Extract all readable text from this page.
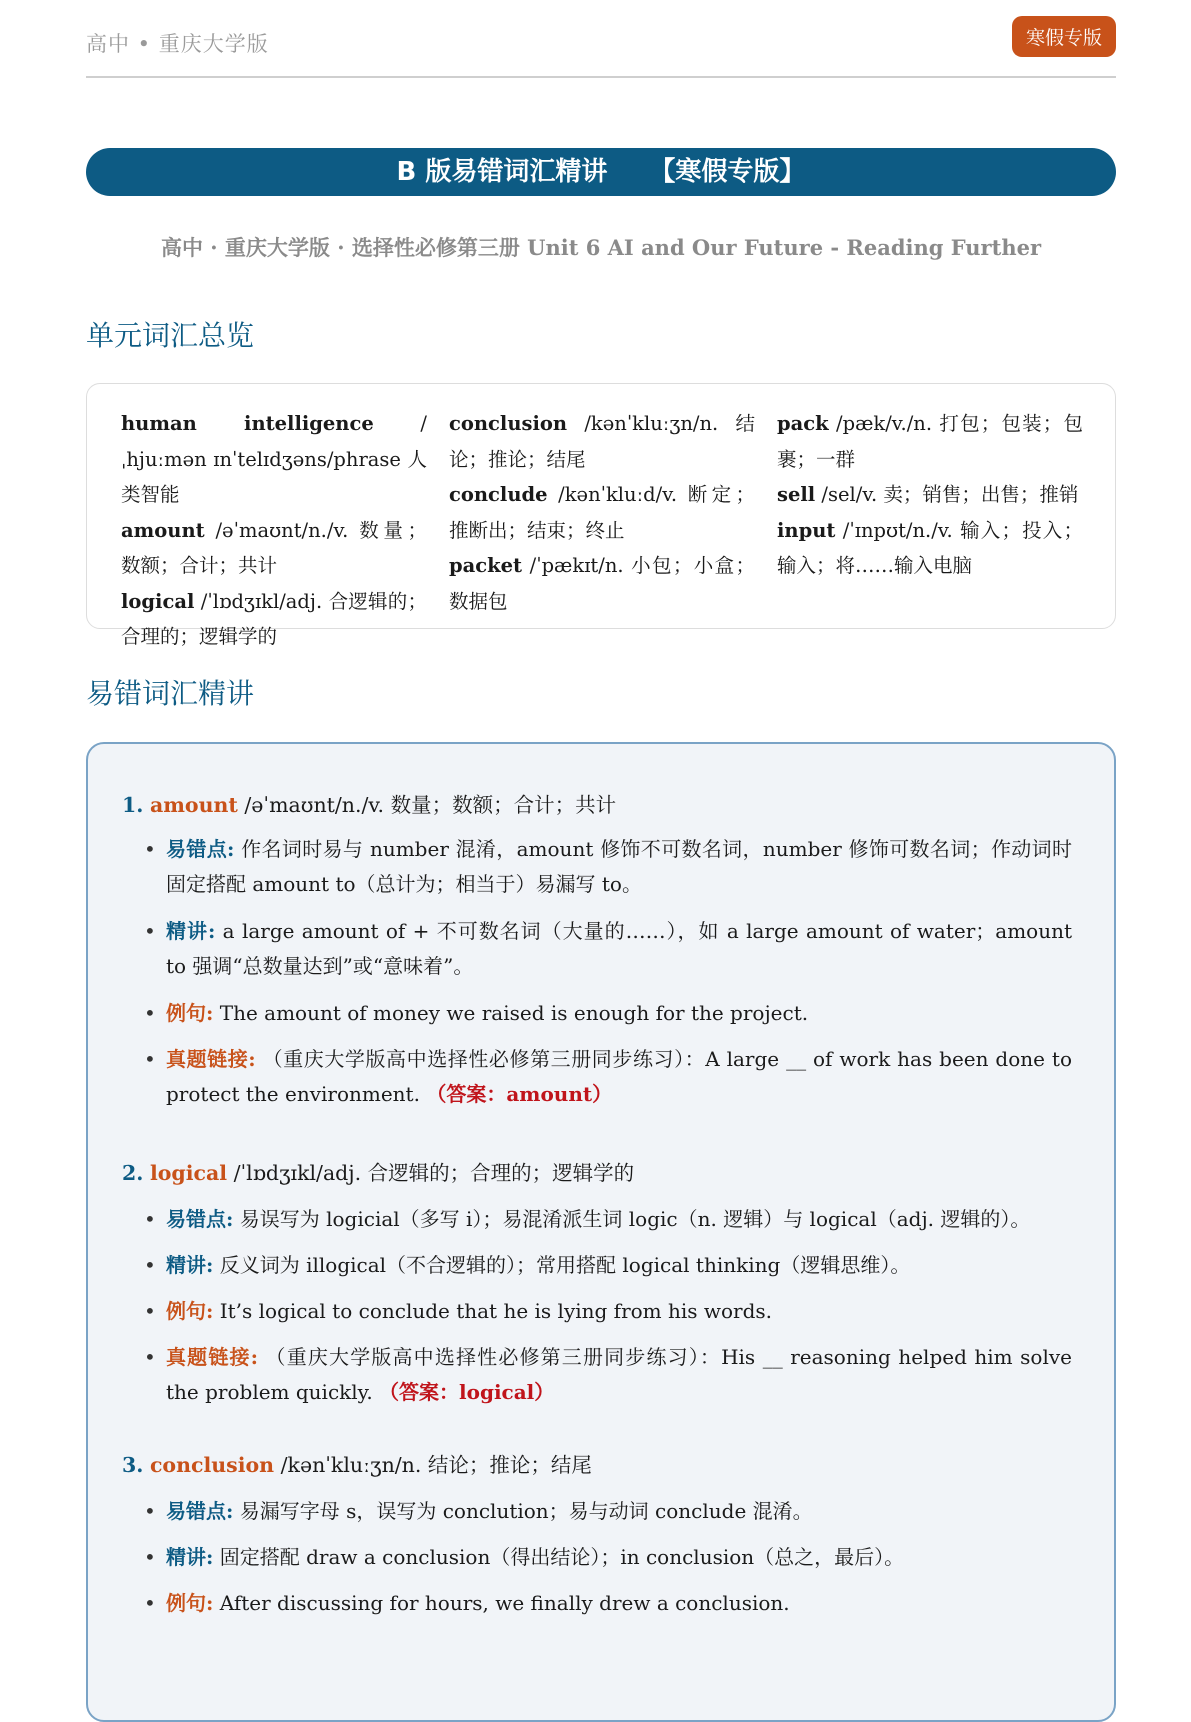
高中 • 重庆大学版	寒假专版
B 版易错词汇精讲 【寒假专版】
高中 · 重庆大学版 · 选择性必修第三册 Unit 6 AI and Our Future - Reading Further
单元词汇总览
human intelligence /ˌhjuːmən ɪnˈtelɪdʒəns/phrase 人类智能
amount /əˈmaʊnt/n./v. 数量；数额；合计；共计
logical /ˈlɒdʒɪkl/adj. 合逻辑的；合理的；逻辑学的
conclusion /kənˈkluːʒn/n. 结论；推论；结尾
conclude /kənˈkluːd/v. 断定；推断出；结束；终止
packet /ˈpækɪt/n. 小包；小盒；数据包
pack /pæk/v./n. 打包；包装；包裹；一群
sell /sel/v. 卖；销售；出售；推销
input /ˈɪnpʊt/n./v. 输入；投入；输入；将……输入电脑
易错词汇精讲
1. amount /əˈmaʊnt/n./v. 数量；数额；合计；共计
• 易错点: 作名词时易与 number 混淆，amount 修饰不可数名词，number 修饰可数名词；作动词时固定搭配 amount to（总计为；相当于）易漏写 to。
• 精讲: a large amount of + 不可数名词（大量的……），如 a large amount of water；amount to 强调“总数量达到”或“意味着”。
• 例句: The amount of money we raised is enough for the project.
• 真题链接: （重庆大学版高中选择性必修第三册同步练习）：A large __ of work has been done to protect the environment. （答案：amount）
2. logical /ˈlɒdʒɪkl/adj. 合逻辑的；合理的；逻辑学的
• 易错点: 易误写为 logicial（多写 i）；易混淆派生词 logic（n. 逻辑）与 logical（adj. 逻辑的）。
• 精讲: 反义词为 illogical（不合逻辑的）；常用搭配 logical thinking（逻辑思维）。
• 例句: It’s logical to conclude that he is lying from his words.
• 真题链接: （重庆大学版高中选择性必修第三册同步练习）：His __ reasoning helped him solve the problem quickly. （答案：logical）
3. conclusion /kənˈkluːʒn/n. 结论；推论；结尾
• 易错点: 易漏写字母 s，误写为 conclution；易与动词 conclude 混淆。
• 精讲: 固定搭配 draw a conclusion（得出结论）；in conclusion（总之，最后）。
• 例句: After discussing for hours, we finally drew a conclusion.
